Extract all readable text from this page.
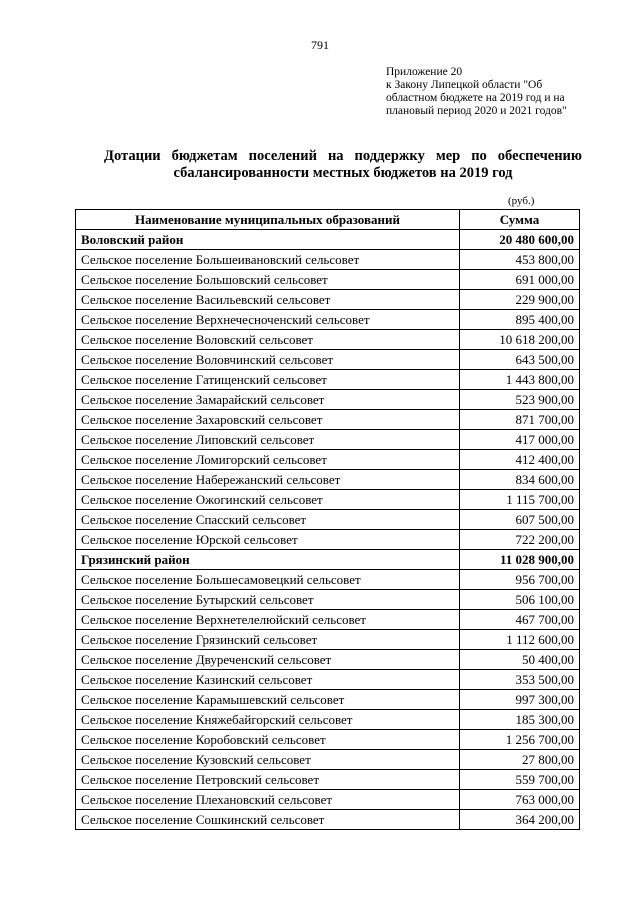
791
Приложение 20
к Закону Липецкой области "Об
областном бюджете на 2019 год и на
плановый период 2020 и 2021 годов"
Дотации бюджетам поселений на поддержку мер по обеспечению
сбалансированности местных бюджетов на 2019 год
(руб.)
Наименование муниципальных образований	Сумма
Воловский район	20 480 600,00
Сельское поселение Большеивановский сельсовет	453 800,00
Сельское поселение Большовский сельсовет	691 000,00
Сельское поселение Васильевский сельсовет	229 900,00
Сельское поселение Верхнечесноченский сельсовет	895 400,00
Сельское поселение Воловский сельсовет	10 618 200,00
Сельское поселение Воловчинский сельсовет	643 500,00
Сельское поселение Гатищенский сельсовет	1 443 800,00
Сельское поселение Замарайский сельсовет	523 900,00
Сельское поселение Захаровский сельсовет	871 700,00
Сельское поселение Липовский сельсовет	417 000,00
Сельское поселение Ломигорский сельсовет	412 400,00
Сельское поселение Набережанский сельсовет	834 600,00
Сельское поселение Ожогинский сельсовет	1 115 700,00
Сельское поселение Спасский сельсовет	607 500,00
Сельское поселение Юрской сельсовет	722 200,00
Грязинский район	11 028 900,00
Сельское поселение Большесамовецкий сельсовет	956 700,00
Сельское поселение Бутырский сельсовет	506 100,00
Сельское поселение Верхнетелелюйский сельсовет	467 700,00
Сельское поселение Грязинский сельсовет	1 112 600,00
Сельское поселение Двуреченский сельсовет	50 400,00
Сельское поселение Казинский сельсовет	353 500,00
Сельское поселение Карамышевский сельсовет	997 300,00
Сельское поселение Княжебайгорский сельсовет	185 300,00
Сельское поселение Коробовский сельсовет	1 256 700,00
Сельское поселение Кузовский сельсовет	27 800,00
Сельское поселение Петровский сельсовет	559 700,00
Сельское поселение Плехановский сельсовет	763 000,00
Сельское поселение Сошкинский сельсовет	364 200,00
